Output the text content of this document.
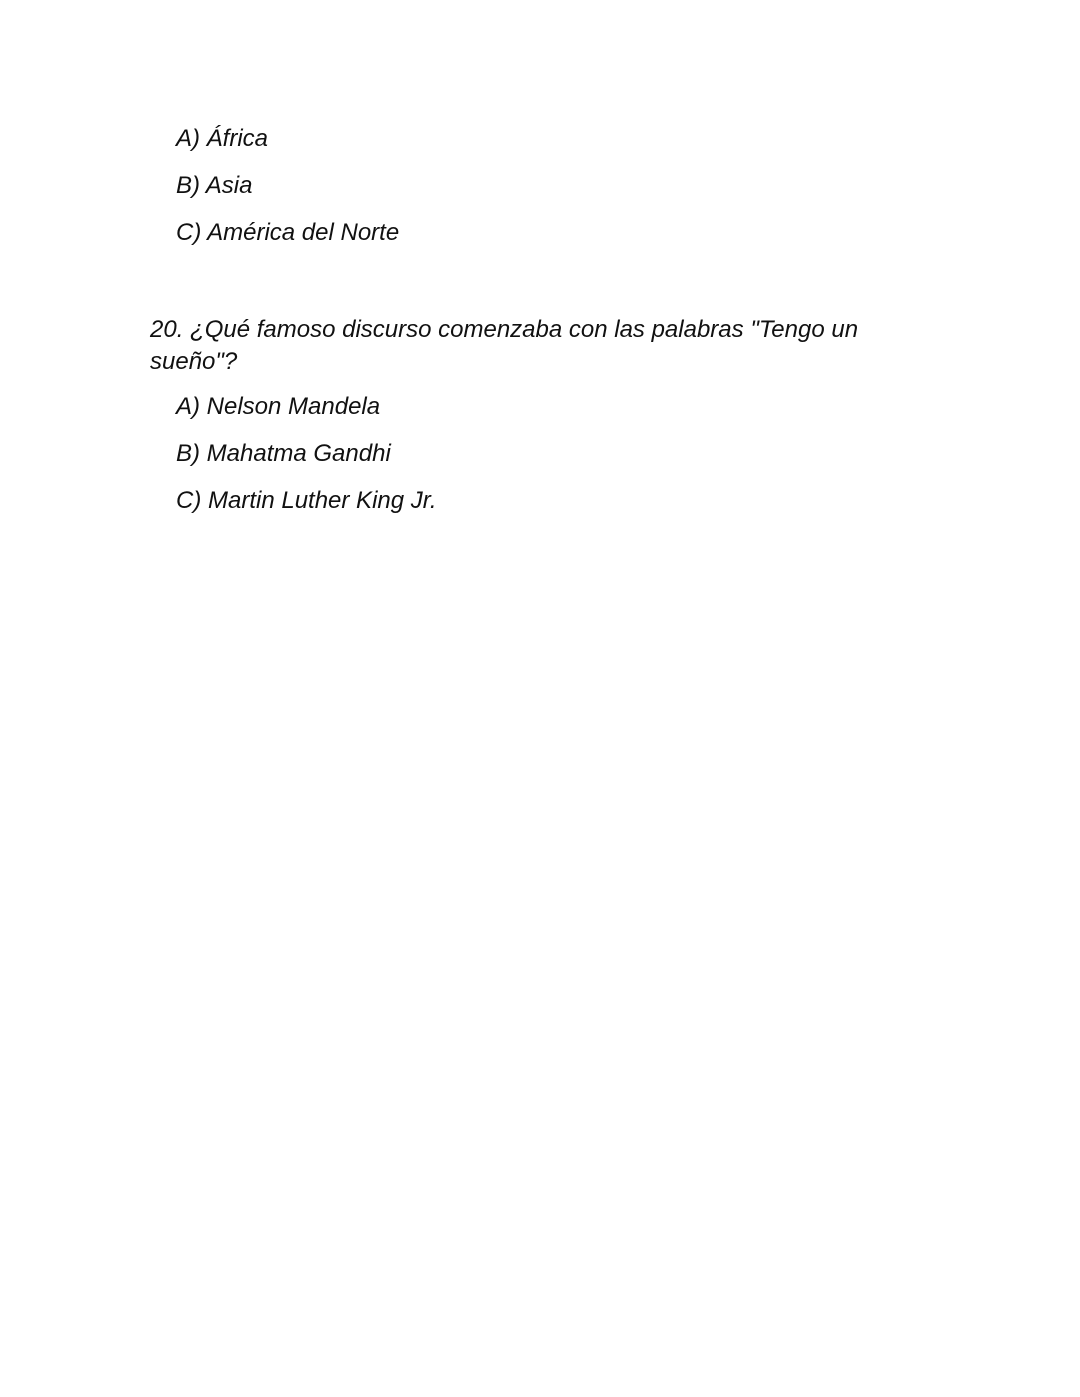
A) África
B) Asia
C) América del Norte

20. ¿Qué famoso discurso comenzaba con las palabras "Tengo un sueño"?

A) Nelson Mandela
B) Mahatma Gandhi
C) Martin Luther King Jr.
